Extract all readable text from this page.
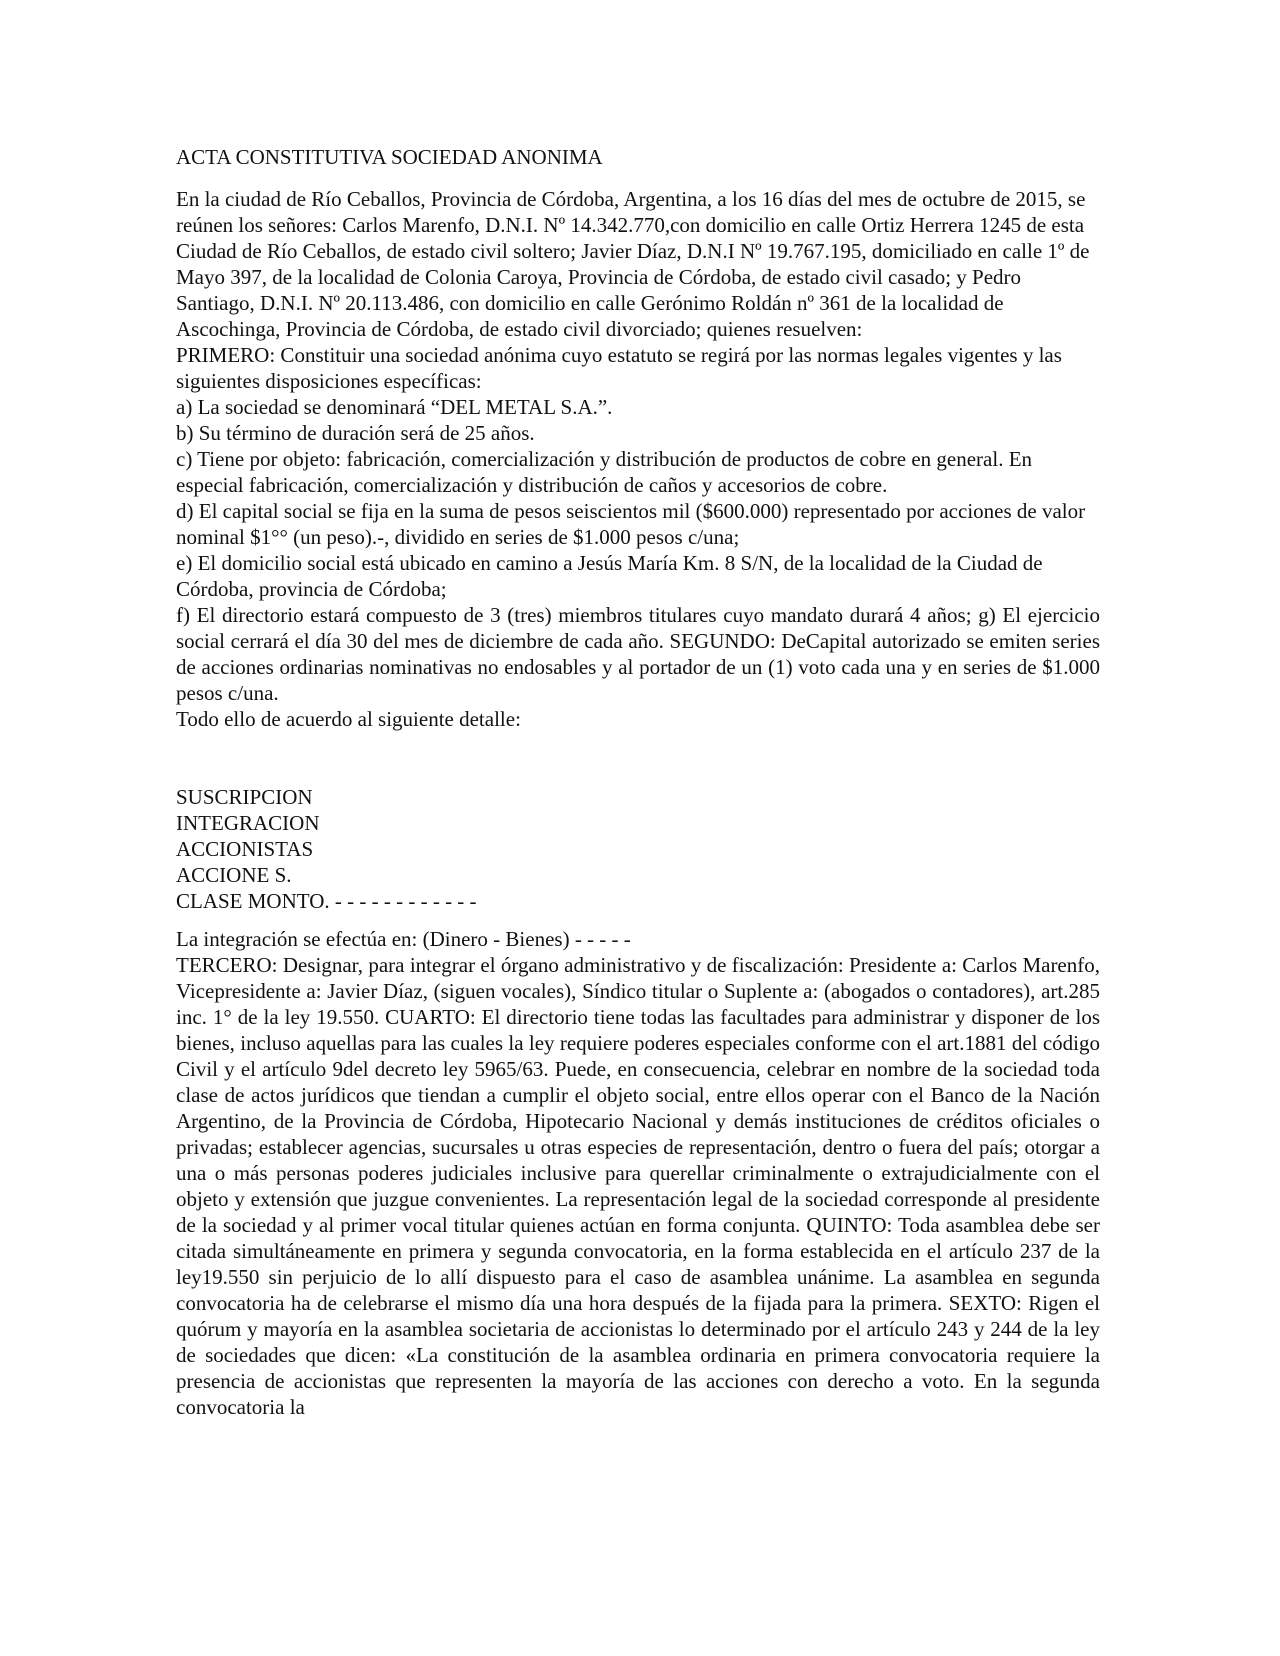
ACTA CONSTITUTIVA SOCIEDAD ANONIMA

En la ciudad de Río Ceballos, Provincia de Córdoba, Argentina, a los 16 días del mes de octubre de 2015, se reúnen los señores: Carlos Marenfo, D.N.I. Nº 14.342.770,con domicilio en calle Ortiz Herrera 1245 de esta Ciudad de Río Ceballos, de estado civil soltero; Javier Díaz, D.N.I Nº 19.767.195, domiciliado en calle 1º de Mayo 397, de la localidad de Colonia Caroya, Provincia de Córdoba, de estado civil casado; y Pedro Santiago, D.N.I. Nº 20.113.486, con domicilio en calle Gerónimo Roldán nº 361 de la localidad de Ascochinga, Provincia de Córdoba, de estado civil divorciado; quienes resuelven:

PRIMERO: Constituir una sociedad anónima cuyo estatuto se regirá por las normas legales vigentes y las siguientes disposiciones específicas:

a) La sociedad se denominará “DEL METAL S.A.”.

b) Su término de duración será de 25 años.

c) Tiene por objeto: fabricación, comercialización y distribución de productos de cobre en general. En especial fabricación, comercialización y distribución de caños y accesorios de cobre.

d) El capital social se fija en la suma de pesos seiscientos mil ($600.000) representado por acciones de valor nominal $1°° (un peso).-, dividido en series de $1.000 pesos c/una;

e) El domicilio social está ubicado en camino a Jesús María Km. 8 S/N, de la localidad de la Ciudad de Córdoba, provincia de Córdoba;

f) El directorio estará compuesto de 3 (tres) miembros titulares cuyo mandato durará 4 años; g) El ejercicio social cerrará el día 30 del mes de diciembre de cada año. SEGUNDO: DeCapital autorizado se emiten series de acciones ordinarias nominativas no endosables y al portador de un (1) voto cada una y en series de $1.000 pesos c/una.

Todo ello de acuerdo al siguiente detalle:

SUSCRIPCION
INTEGRACION
ACCIONISTAS
ACCIONE S.
CLASE MONTO. - - - - - - - - - - - -

La integración se efectúa en: (Dinero - Bienes) - - - - -

TERCERO: Designar, para integrar el órgano administrativo y de fiscalización: Presidente a: Carlos Marenfo, Vicepresidente a: Javier Díaz, (siguen vocales), Síndico titular o Suplente a: (abogados o contadores), art.285 inc. 1° de la ley 19.550. CUARTO: El directorio tiene todas las facultades para administrar y disponer de los bienes, incluso aquellas para las cuales la ley requiere poderes especiales conforme con el art.1881 del código Civil y el artículo 9del decreto ley 5965/63. Puede, en consecuencia, celebrar en nombre de la sociedad toda clase de actos jurídicos que tiendan a cumplir el objeto social, entre ellos operar con el Banco de la Nación Argentino, de la Provincia de Córdoba, Hipotecario Nacional y demás instituciones de créditos oficiales o privadas; establecer agencias, sucursales u otras especies de representación, dentro o fuera del país; otorgar a una o más personas poderes judiciales inclusive para querellar criminalmente o extrajudicialmente con el objeto y extensión que juzgue convenientes. La representación legal de la sociedad corresponde al presidente de la sociedad y al primer vocal titular quienes actúan en forma conjunta. QUINTO: Toda asamblea debe ser citada simultáneamente en primera y segunda convocatoria, en la forma establecida en el artículo 237 de la ley19.550 sin perjuicio de lo allí dispuesto para el caso de asamblea unánime. La asamblea en segunda convocatoria ha de celebrarse el mismo día una hora después de la fijada para la primera. SEXTO: Rigen el quórum y mayoría en la asamblea societaria de accionistas lo determinado por el artículo 243 y 244 de la ley de sociedades que dicen: «La constitución de la asamblea ordinaria en primera convocatoria requiere la presencia de accionistas que representen la mayoría de las acciones con derecho a voto. En la segunda convocatoria la
